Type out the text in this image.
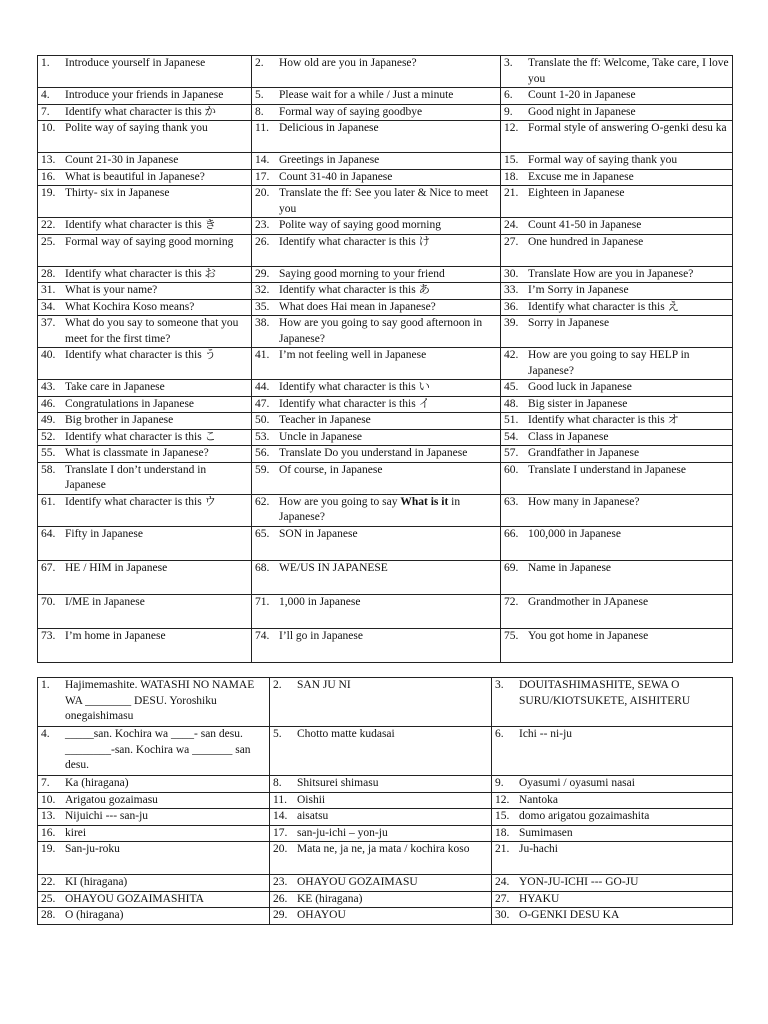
1. Introduce yourself in Japanese	2. How old are you in Japanese?	3. Translate the ff: Welcome, Take care, I love you

4. Introduce your friends in Japanese	5. Please wait for a while / Just a minute	6. Count 1-20 in Japanese

7. Identify what character is this か	8. Formal way of saying goodbye	9. Good night in Japanese

10. Polite way of saying thank you	11. Delicious in Japanese	12. Formal style of answering O-genki desu ka

13. Count 21-30 in Japanese	14. Greetings in Japanese	15. Formal way of saying thank you

16. What is beautiful in Japanese?	17. Count 31-40 in Japanese	18. Excuse me in Japanese

19. Thirty- six in Japanese	20. Translate the ff: See you later & Nice to meet you	21. Eighteen in Japanese

22. Identify what character is this き	23. Polite way of saying good morning	24. Count 41-50 in Japanese

25. Formal way of saying good morning	26. Identify what character is this け	27. One hundred in Japanese

28. Identify what character is this お	29. Saying good morning to your friend	30. Translate How are you in Japanese?

31. What is your name?	32. Identify what character is this あ	33. I’m Sorry in Japanese

34. What Kochira Koso means?	35. What does Hai mean in Japanese?	36. Identify what character is this え

37. What do you say to someone that you meet for the first time?	38. How are you going to say good afternoon in Japanese?	39. Sorry in Japanese

40. Identify what character is this う	41. I’m not feeling well in Japanese	42. How are you going to say HELP in Japanese?

43. Take care in Japanese	44. Identify what character is this い	45. Good luck in Japanese

46. Congratulations in Japanese	47. Identify what character is this イ	48. Big sister in Japanese

49. Big brother in Japanese	50. Teacher in Japanese	51. Identify what character is this オ

52. Identify what character is this こ	53. Uncle in Japanese	54. Class in Japanese

55. What is classmate in Japanese?	56. Translate Do you understand in Japanese	57. Grandfather in Japanese

58. Translate I don’t understand in Japanese	59. Of course, in Japanese	60. Translate I understand in Japanese

61. Identify what character is this ウ	62. How are you going to say What is it in Japanese?	63. How many in Japanese?

64. Fifty in Japanese	65. SON in Japanese	66. 100,000 in Japanese

67. HE / HIM in Japanese	68. WE/US IN JAPANESE	69. Name in Japanese

70. I/ME in Japanese	71. 1,000 in Japanese	72. Grandmother in JApanese

73. I’m home in Japanese	74. I’ll go in Japanese	75. You got home in Japanese
1. Hajimemashite. WATASHI NO NAMAE WA ________ DESU. Yoroshiku onegaishimasu	2. SAN JU NI	3. DOUITASHIMASHITE, SEWA O SURU/KIOTSUKETE, AISHITERU

4. _____san. Kochira wa ____- san desu. ________-san. Kochira wa _______ san desu.	5. Chotto matte kudasai	6. Ichi -- ni-ju

7. Ka (hiragana)	8. Shitsurei shimasu	9. Oyasumi / oyasumi nasai

10. Arigatou gozaimasu	11. Oishii	12. Nantoka

13. Nijuichi --- san-ju	14. aisatsu	15. domo arigatou gozaimashita

16. kirei	17. san-ju-ichi – yon-ju	18. Sumimasen

19. San-ju-roku	20. Mata ne, ja ne, ja mata / kochira koso	21. Ju-hachi

22. KI (hiragana)	23. OHAYOU GOZAIMASU	24. YON-JU-ICHI --- GO-JU

25. OHAYOU GOZAIMASHITA	26. KE (hiragana)	27. HYAKU

28. O (hiragana)	29. OHAYOU	30. O-GENKI DESU KA
